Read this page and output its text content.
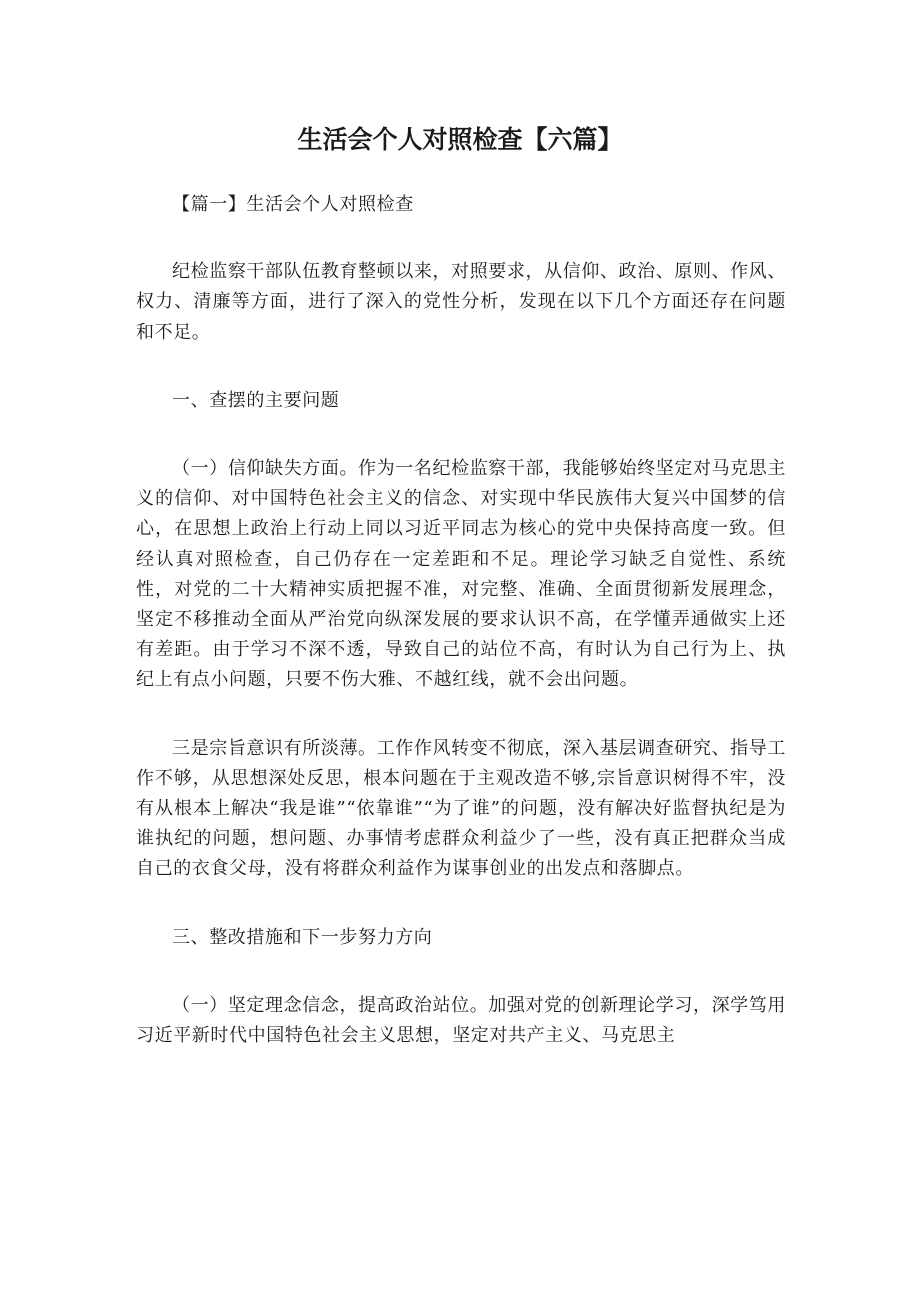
生活会个人对照检查【六篇】

【篇一】生活会个人对照检查

纪检监察干部队伍教育整顿以来，对照要求，从信仰、政治、原则、作风、权力、清廉等方面，进行了深入的党性分析，发现在以下几个方面还存在问题和不足。

一、查摆的主要问题

（一）信仰缺失方面。作为一名纪检监察干部，我能够始终坚定对马克思主义的信仰、对中国特色社会主义的信念、对实现中华民族伟大复兴中国梦的信心，在思想上政治上行动上同以习近平同志为核心的党中央保持高度一致。但经认真对照检查，自己仍存在一定差距和不足。理论学习缺乏自觉性、系统性，对党的二十大精神实质把握不准，对完整、准确、全面贯彻新发展理念，坚定不移推动全面从严治党向纵深发展的要求认识不高，在学懂弄通做实上还有差距。由于学习不深不透，导致自己的站位不高，有时认为自己行为上、执纪上有点小问题，只要不伤大雅、不越红线，就不会出问题。

三是宗旨意识有所淡薄。工作作风转变不彻底，深入基层调查研究、指导工作不够，从思想深处反思，根本问题在于主观改造不够,宗旨意识树得不牢，没有从根本上解决“我是谁”“依靠谁”“为了谁”的问题，没有解决好监督执纪是为谁执纪的问题，想问题、办事情考虑群众利益少了一些，没有真正把群众当成自己的衣食父母，没有将群众利益作为谋事创业的出发点和落脚点。

三、整改措施和下一步努力方向

（一）坚定理念信念，提高政治站位。加强对党的创新理论学习，深学笃用习近平新时代中国特色社会主义思想，坚定对共产主义、马克思主
